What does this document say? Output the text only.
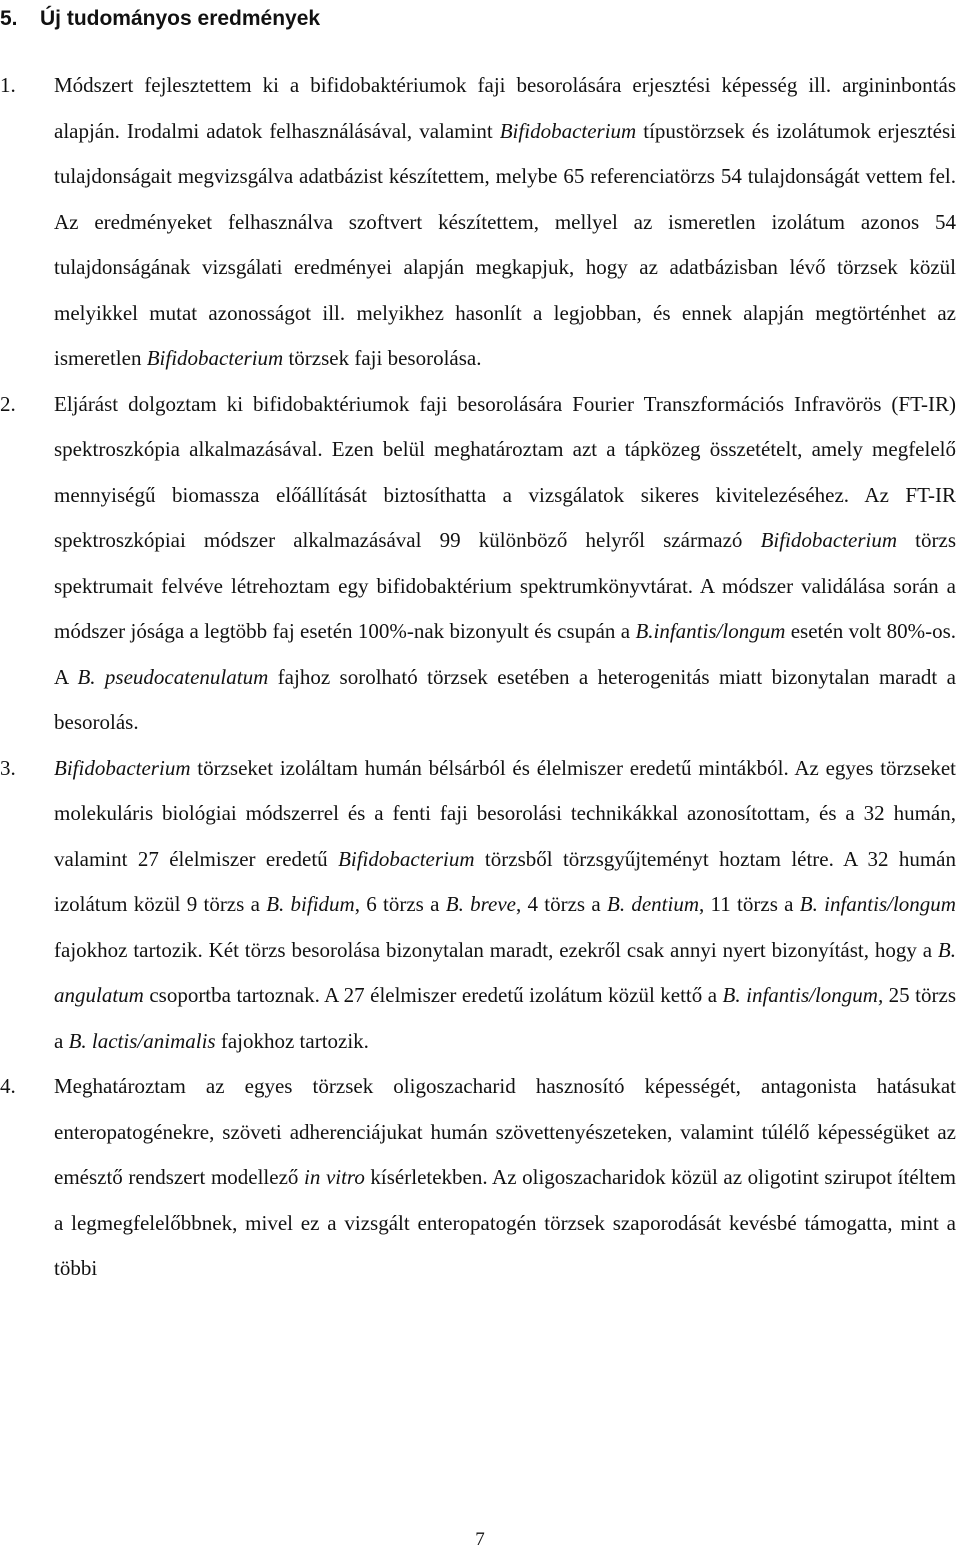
5. Új tudományos eredmények

1. Módszert fejlesztettem ki a bifidobaktériumok faji besorolására erjesztési képesség ill. argininbontás alapján. Irodalmi adatok felhasználásával, valamint Bifidobacterium típustörzsek és izolátumok erjesztési tulajdonságait megvizsgálva adatbázist készítettem, melybe 65 referenciatörzs 54 tulajdonságát vettem fel. Az eredményeket felhasználva szoftvert készítettem, mellyel az ismeretlen izolátum azonos 54 tulajdonságának vizsgálati eredményei alapján megkapjuk, hogy az adatbázisban lévő törzsek közül melyikkel mutat azonosságot ill. melyikhez hasonlít a legjobban, és ennek alapján megtörténhet az ismeretlen Bifidobacterium törzsek faji besorolása.

2. Eljárást dolgoztam ki bifidobaktériumok faji besorolására Fourier Transzformációs Infravörös (FT-IR) spektroszkópia alkalmazásával. Ezen belül meghatároztam azt a tápközeg összetételt, amely megfelelő mennyiségű biomassza előállítását biztosíthatta a vizsgálatok sikeres kivitelezéséhez. Az FT-IR spektroszkópiai módszer alkalmazásával 99 különböző helyről származó Bifidobacterium törzs spektrumait felvéve létrehoztam egy bifidobaktérium spektrumkönyvtárat. A módszer validálása során a módszer jósága a legtöbb faj esetén 100%-nak bizonyult és csupán a B.infantis/longum esetén volt 80%-os. A B. pseudocatenulatum fajhoz sorolható törzsek esetében a heterogenitás miatt bizonytalan maradt a besorolás.

3. Bifidobacterium törzseket izoláltam humán bélsárból és élelmiszer eredetű mintákból. Az egyes törzseket molekuláris biológiai módszerrel és a fenti faji besorolási technikákkal azonosítottam, és a 32 humán, valamint 27 élelmiszer eredetű Bifidobacterium törzsből törzsgyűjteményt hoztam létre. A 32 humán izolátum közül 9 törzs a B. bifidum, 6 törzs a B. breve, 4 törzs a B. dentium, 11 törzs a B. infantis/longum fajokhoz tartozik. Két törzs besorolása bizonytalan maradt, ezekről csak annyi nyert bizonyítást, hogy a B. angulatum csoportba tartoznak. A 27 élelmiszer eredetű izolátum közül kettő a B. infantis/longum, 25 törzs a B. lactis/animalis fajokhoz tartozik.

4. Meghatároztam az egyes törzsek oligoszacharid hasznosító képességét, antagonista hatásukat enteropatogénekre, szöveti adherenciájukat humán szövettenyészeteken, valamint túlélő képességüket az emésztő rendszert modellező in vitro kísérletekben. Az oligoszacharidok közül az oligotint szirupot ítéltem a legmegfelelőbbnek, mivel ez a vizsgált enteropatogén törzsek szaporodását kevésbé támogatta, mint a többi

7
